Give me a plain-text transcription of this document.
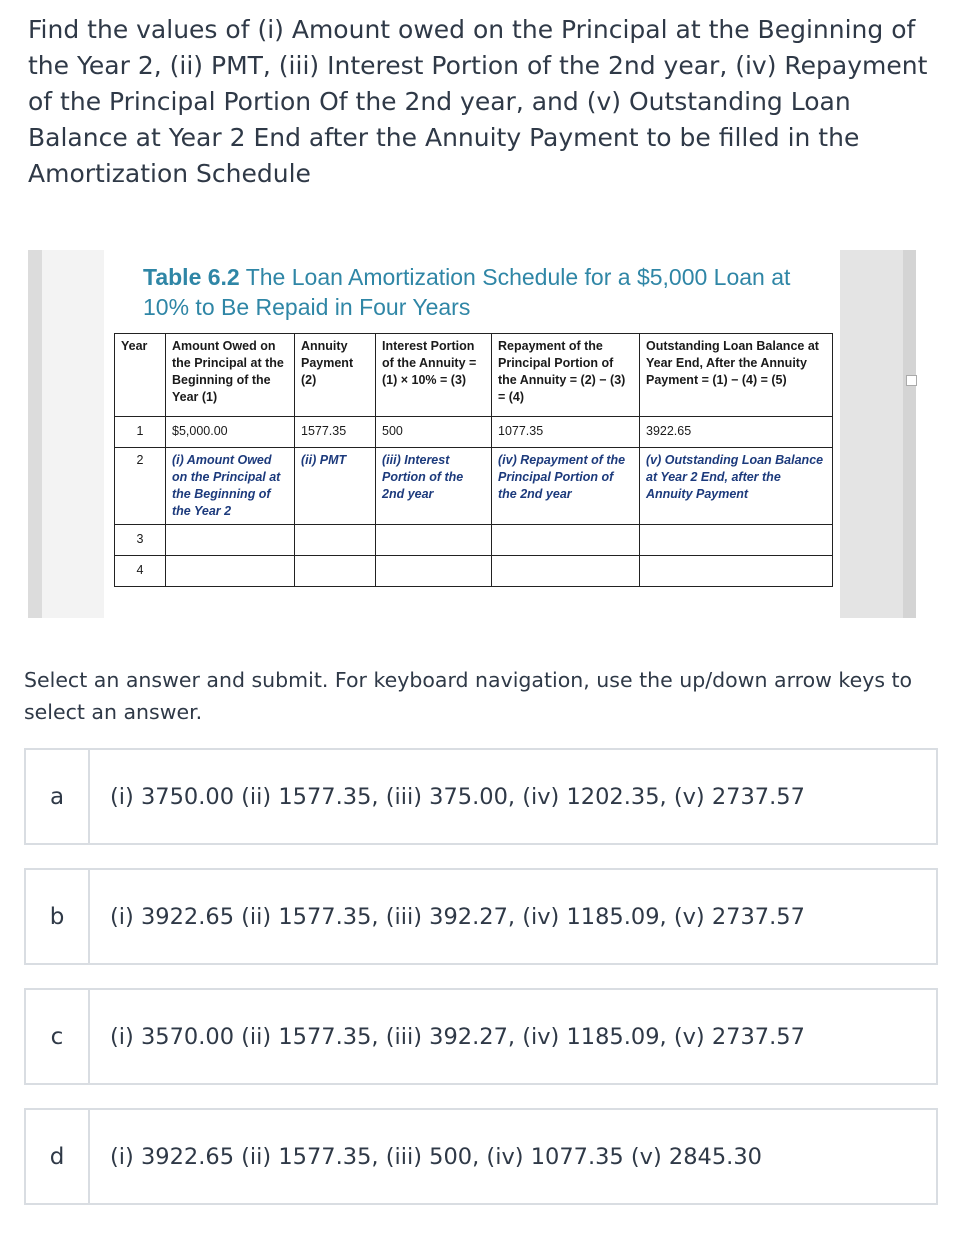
Find the values of (i) Amount owed on the Principal at the Beginning of the Year 2, (ii) PMT, (iii) Interest Portion of the 2nd year, (iv) Repayment of the Principal Portion Of the 2nd year, and (v) Outstanding Loan Balance at Year 2 End after the Annuity Payment to be filled in the Amortization Schedule

Table 6.2 The Loan Amortization Schedule for a $5,000 Loan at 10% to Be Repaid in Four Years
Year	Amount Owed on the Principal at the Beginning of the Year (1)	Annuity Payment (2)	Interest Portion of the Annuity = (1) × 10% = (3)	Repayment of the Principal Portion of the Annuity = (2) − (3) = (4)	Outstanding Loan Balance at Year End, After the Annuity Payment = (1) − (4) = (5)
1	$5,000.00	1577.35	500	1077.35	3922.65
2	(i) Amount Owed on the Principal at the Beginning of the Year 2	(ii) PMT	(iii) Interest Portion of the 2nd year	(iv) Repayment of the Principal Portion of the 2nd year	(v) Outstanding Loan Balance at Year 2 End, after the Annuity Payment
3					
4					

Select an answer and submit. For keyboard navigation, use the up/down arrow keys to select an answer.

a	(i) 3750.00 (ii) 1577.35, (iii) 375.00, (iv) 1202.35, (v) 2737.57
b	(i) 3922.65 (ii) 1577.35, (iii) 392.27, (iv) 1185.09, (v) 2737.57
c	(i) 3570.00 (ii) 1577.35, (iii) 392.27, (iv) 1185.09, (v) 2737.57
d	(i) 3922.65 (ii) 1577.35, (iii) 500, (iv) 1077.35 (v) 2845.30
